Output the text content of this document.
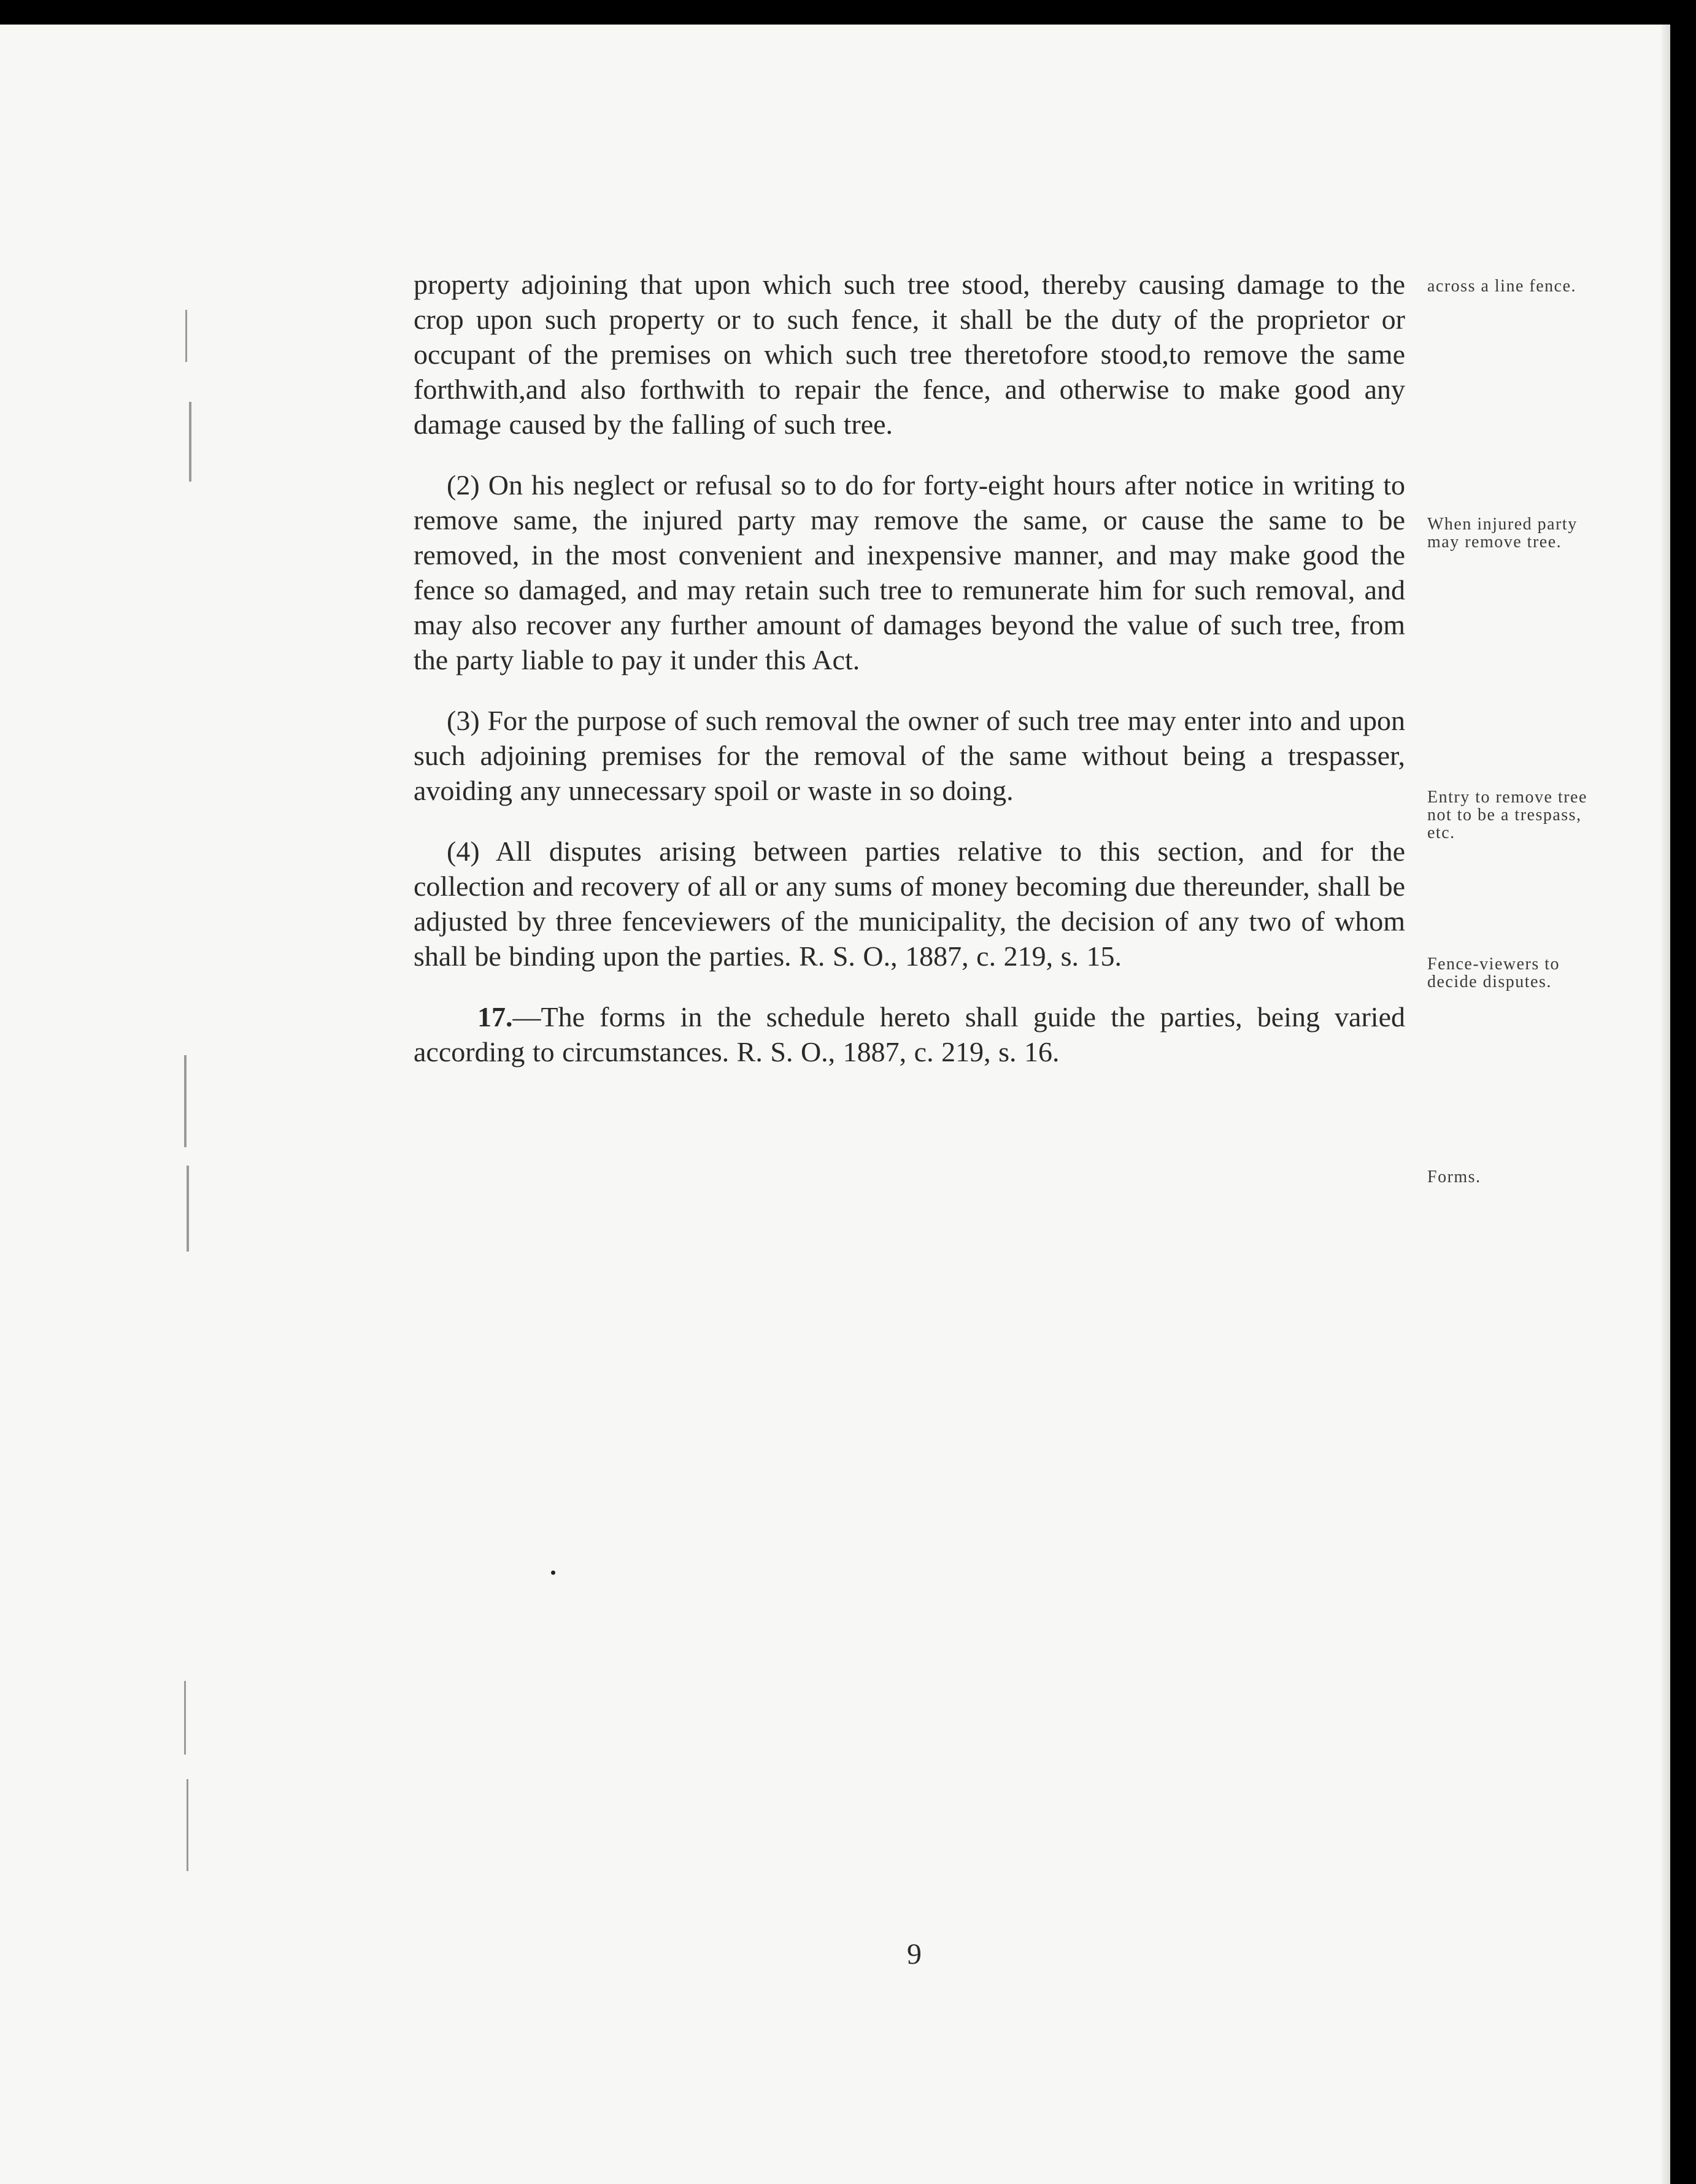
property adjoining that upon which such tree stood, thereby causing damage to the crop upon such property or to such fence, it shall be the duty of the proprietor or occupant of the premises on which such tree theretofore stood,to remove the same forthwith,and also forthwith to repair the fence, and otherwise to make good any damage caused by the falling of such tree.

(2) On his neglect or refusal so to do for forty-eight hours after notice in writing to remove same, the injured party may remove the same, or cause the same to be removed, in the most convenient and inexpensive manner, and may make good the fence so damaged, and may retain such tree to remunerate him for such removal, and may also recover any further amount of damages beyond the value of such tree, from the party liable to pay it under this Act.

(3) For the purpose of such removal the owner of such tree may enter into and upon such adjoining premises for the removal of the same without being a trespasser, avoiding any unnecessary spoil or waste in so doing.

(4) All disputes arising between parties relative to this section, and for the collection and recovery of all or any sums of money becoming due thereunder, shall be adjusted by three fenceviewers of the municipality, the decision of any two of whom shall be binding upon the parties. R. S. O., 1887, c. 219, s. 15.

17.—The forms in the schedule hereto shall guide the parties, being varied according to circumstances. R. S. O., 1887, c. 219, s. 16.

across a line fence.
When injured party may remove tree.
Entry to remove tree not to be a trespass, etc.
Fence-viewers to decide disputes.
Forms.
9
